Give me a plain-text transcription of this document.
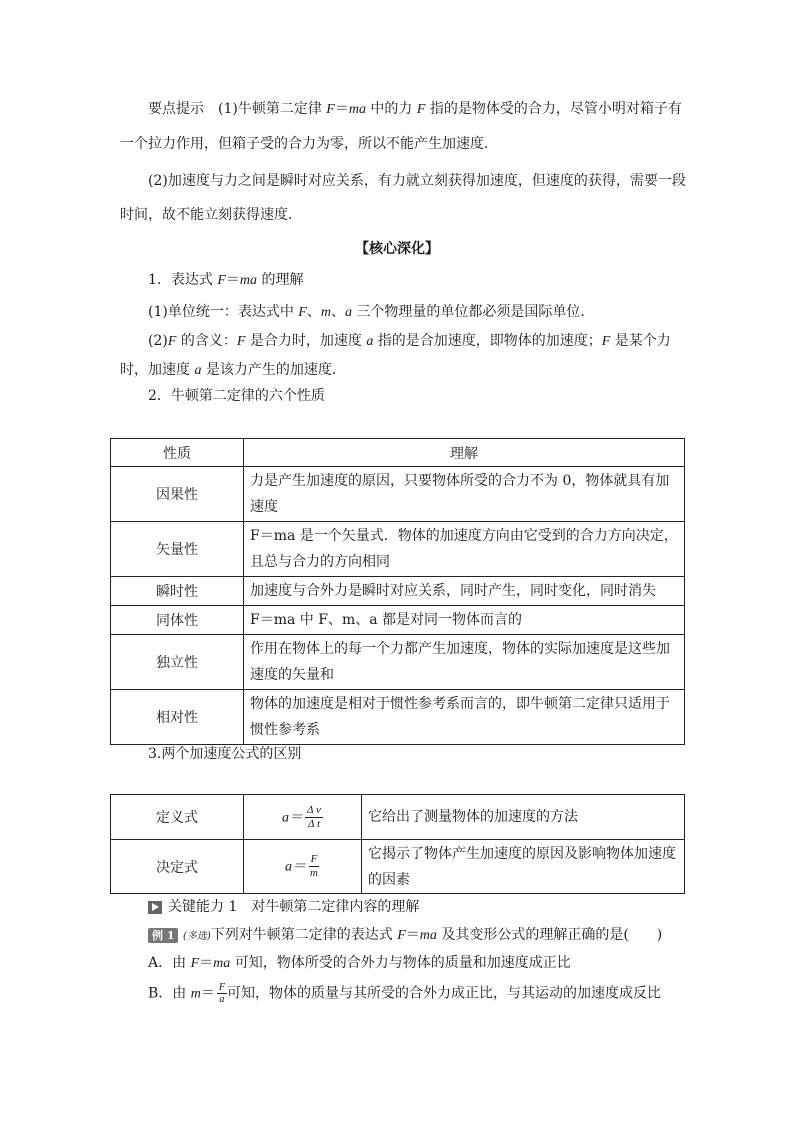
要点提示　 (1)牛顿第二定律 F＝ma 中的力 F 指的是物体受的合力，尽管小明对箱子有一个拉力作用，但箱子受的合力为零，所以不能产生加速度．
(2)加速度与力之间是瞬时对应关系，有力就立刻获得加速度，但速度的获得，需要一段时间，故不能立刻获得速度．
【核心深化】
1．表达式 F＝ma 的理解
(1)单位统一：表达式中 F、m、a 三个物理量的单位都必须是国际单位．
(2)F 的含义：F 是合力时，加速度 a 指的是合加速度，即物体的加速度；F 是某个力时，加速度 a 是该力产生的加速度．
2．牛顿第二定律的六个性质
性质	理解
因果性	力是产生加速度的原因，只要物体所受的合力不为 0，物体就具有加速度
矢量性	F＝ma 是一个矢量式．物体的加速度方向由它受到的合力方向决定，且总与合力的方向相同
瞬时性	加速度与合外力是瞬时对应关系，同时产生，同时变化，同时消失
同体性	F＝ma 中 F、m、a 都是对同一物体而言的
独立性	作用在物体上的每一个力都产生加速度，物体的实际加速度是这些加速度的矢量和
相对性	物体的加速度是相对于惯性参考系而言的，即牛顿第二定律只适用于惯性参考系
3.两个加速度公式的区别
定义式	$a= \frac{\text{Δ v}}{\text{Δ t}}$	它给出了测量物体的加速度的方法
决定式	$a= \frac{F}{m}$	它揭示了物体产生加速度的原因及影响物体加速度的因素
关键能力 1　 对牛顿第二定律内容的理解
例 1 (多选)下列对牛顿第二定律的表达式 F＝ma 及其变形公式的理解正确的是(　　)
A．由 F＝ma 可知，物体所受的合外力与物体的质量和加速度成正比
B．由 $m= \frac{F}{a}$ 可知，物体的质量与其所受的合外力成正比，与其运动的加速度成反比
